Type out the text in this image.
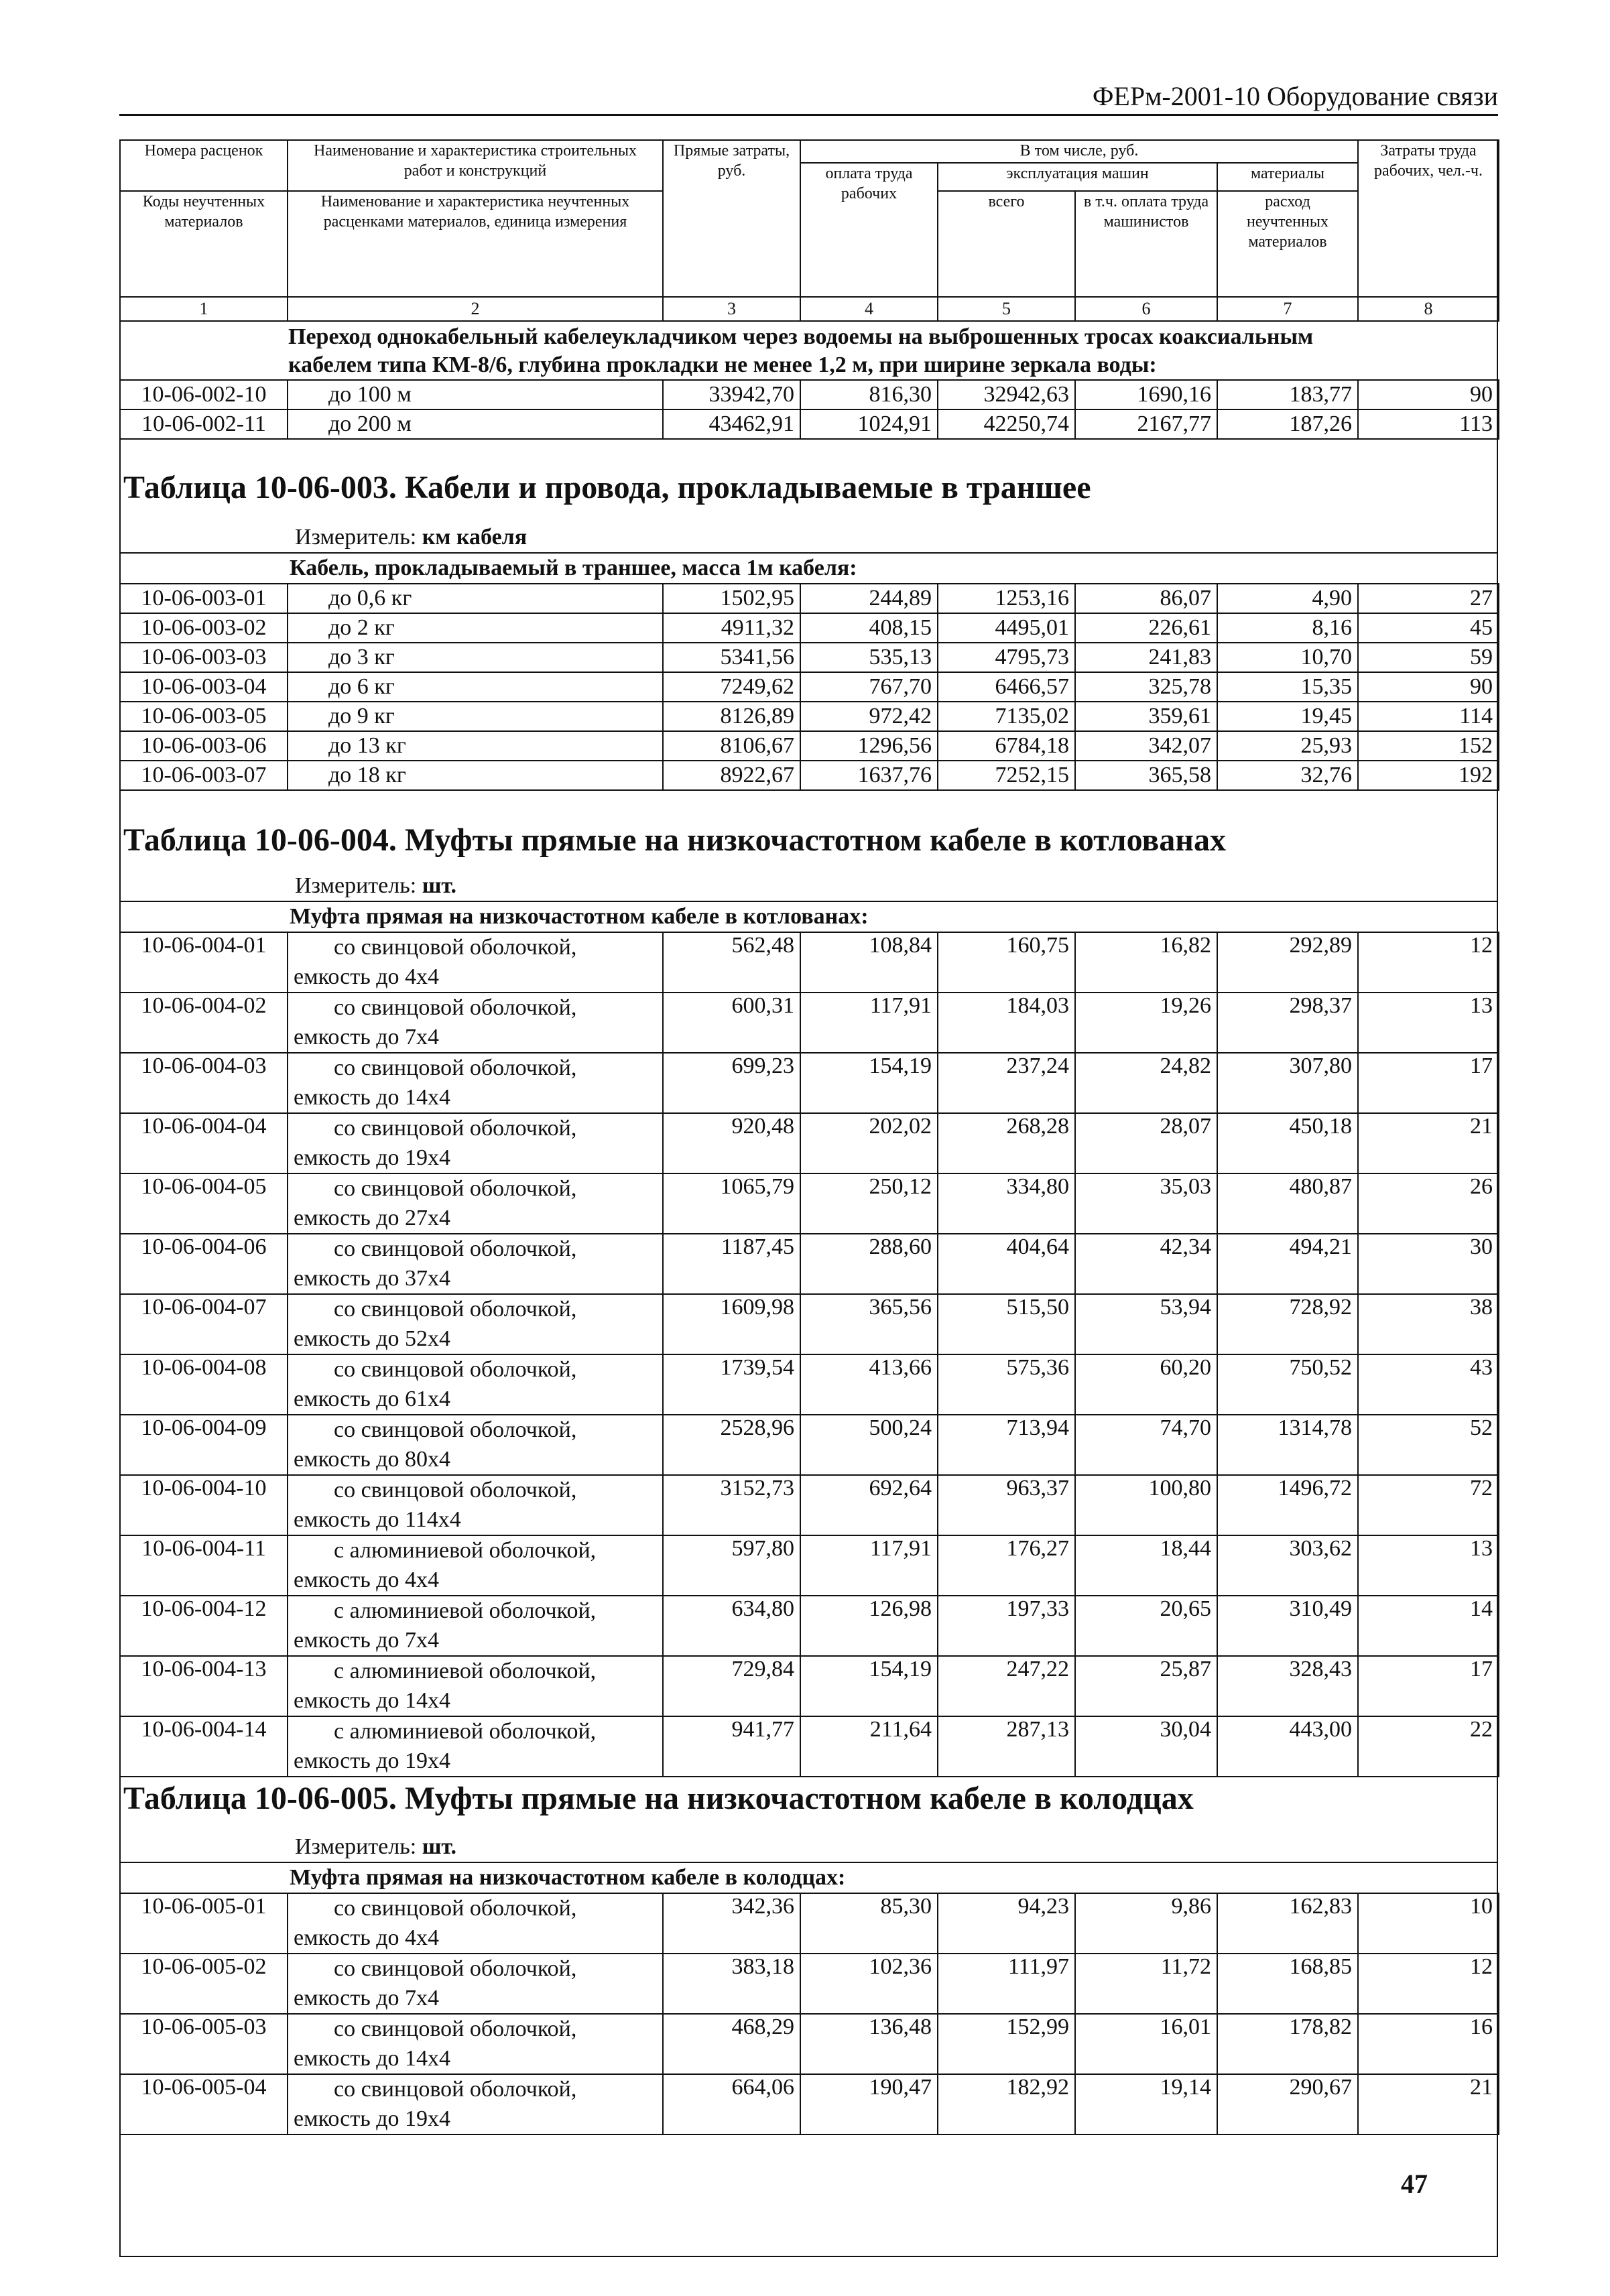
ФЕРм-2001-10 Оборудование связи
Номера расценок	Наименование и характеристика строительных работ и конструкций	Прямые затраты, руб.	В том числе, руб.				Затраты труда рабочих, чел.-ч.
			оплата труда рабочих	эксплуатация машин		материалы	
Коды неучтенных материалов	Наименование и характеристика неучтенных расценками материалов, единица измерения			всего	в т.ч. оплата труда машинистов	расход неучтенных материалов	

1	2	3	4	5	6	7	8
Переход однокабельный кабелеукладчиком через водоемы на выброшенных тросах коаксиальным
кабелем типа КМ-8/6, глубина прокладки не менее 1,2 м, при ширине зеркала воды:
10-06-002-10	до 100 м	33942,70	816,30	32942,63	1690,16	183,77	90
10-06-002-11	до 200 м	43462,91	1024,91	42250,74	2167,77	187,26	113
Таблица 10-06-003. Кабели и провода, прокладываемые в траншее
Измеритель: км кабеля
Кабель, прокладываемый в траншее, масса 1м кабеля:
10-06-003-01	до 0,6 кг	1502,95	244,89	1253,16	86,07	4,90	27
10-06-003-02	до 2 кг	4911,32	408,15	4495,01	226,61	8,16	45
10-06-003-03	до 3 кг	5341,56	535,13	4795,73	241,83	10,70	59
10-06-003-04	до 6 кг	7249,62	767,70	6466,57	325,78	15,35	90
10-06-003-05	до 9 кг	8126,89	972,42	7135,02	359,61	19,45	114
10-06-003-06	до 13 кг	8106,67	1296,56	6784,18	342,07	25,93	152
10-06-003-07	до 18 кг	8922,67	1637,76	7252,15	365,58	32,76	192
Таблица 10-06-004. Муфты прямые на низкочастотном кабеле в котлованах
Измеритель: шт.
Муфта прямая на низкочастотном кабеле в котлованах:
10-06-004-01	со свинцовой оболочкой,
емкость до 4х4	562,48	108,84	160,75	16,82	292,89	12
10-06-004-02	со свинцовой оболочкой,
емкость до 7х4	600,31	117,91	184,03	19,26	298,37	13
10-06-004-03	со свинцовой оболочкой,
емкость до 14х4	699,23	154,19	237,24	24,82	307,80	17
10-06-004-04	со свинцовой оболочкой,
емкость до 19х4	920,48	202,02	268,28	28,07	450,18	21
10-06-004-05	со свинцовой оболочкой,
емкость до 27х4	1065,79	250,12	334,80	35,03	480,87	26
10-06-004-06	со свинцовой оболочкой,
емкость до 37х4	1187,45	288,60	404,64	42,34	494,21	30
10-06-004-07	со свинцовой оболочкой,
емкость до 52х4	1609,98	365,56	515,50	53,94	728,92	38
10-06-004-08	со свинцовой оболочкой,
емкость до 61х4	1739,54	413,66	575,36	60,20	750,52	43
10-06-004-09	со свинцовой оболочкой,
емкость до 80х4	2528,96	500,24	713,94	74,70	1314,78	52
10-06-004-10	со свинцовой оболочкой,
емкость до 114х4	3152,73	692,64	963,37	100,80	1496,72	72
10-06-004-11	с алюминиевой оболочкой,
емкость до 4х4	597,80	117,91	176,27	18,44	303,62	13
10-06-004-12	с алюминиевой оболочкой,
емкость до 7х4	634,80	126,98	197,33	20,65	310,49	14
10-06-004-13	с алюминиевой оболочкой,
емкость до 14х4	729,84	154,19	247,22	25,87	328,43	17
10-06-004-14	с алюминиевой оболочкой,
емкость до 19х4	941,77	211,64	287,13	30,04	443,00	22
Таблица 10-06-005. Муфты прямые на низкочастотном кабеле в колодцах
Измеритель: шт.
Муфта прямая на низкочастотном кабеле в колодцах:
10-06-005-01	со свинцовой оболочкой,
емкость до 4х4	342,36	85,30	94,23	9,86	162,83	10
10-06-005-02	со свинцовой оболочкой,
емкость до 7х4	383,18	102,36	111,97	11,72	168,85	12
10-06-005-03	со свинцовой оболочкой,
емкость до 14х4	468,29	136,48	152,99	16,01	178,82	16
10-06-005-04	со свинцовой оболочкой,
емкость до 19х4	664,06	190,47	182,92	19,14	290,67	21
47
